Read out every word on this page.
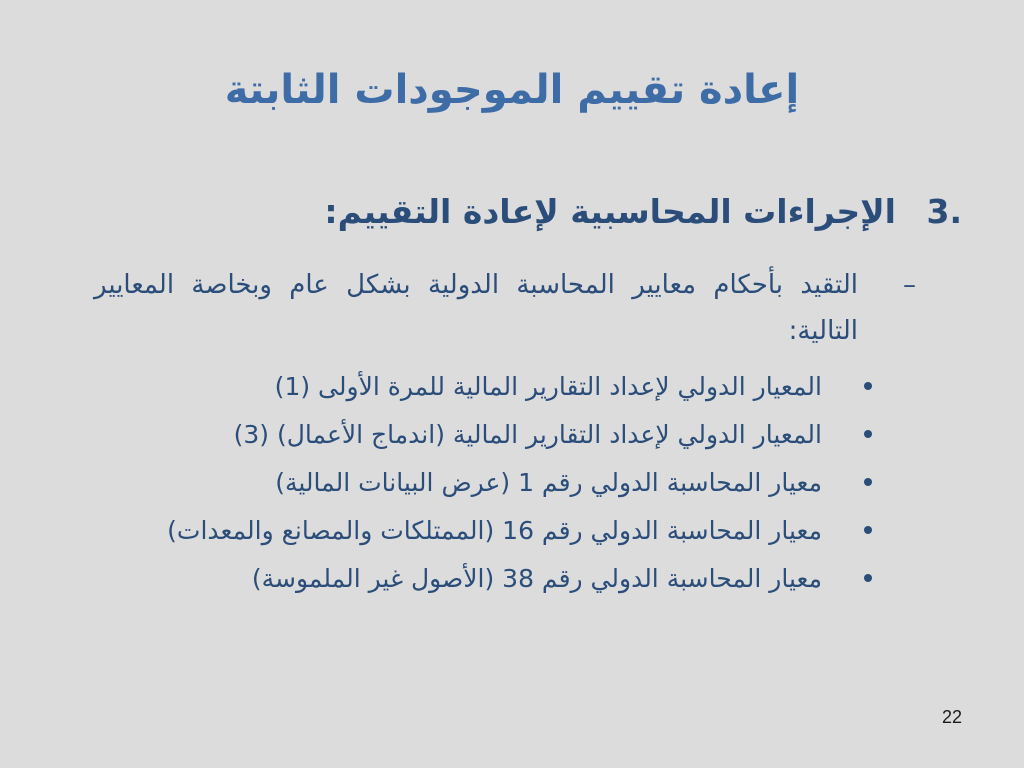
إعادة تقييم الموجودات الثابتة
3.
الإجراءات المحاسبية لإعادة التقييم:
–
التقيد بأحكام معايير المحاسبة الدولية بشكل عام وبخاصة المعايير التالية:
المعيار الدولي لإعداد التقارير المالية للمرة الأولى (1)
المعيار الدولي لإعداد التقارير المالية (اندماج الأعمال) (3)
معيار المحاسبة الدولي رقم 1 (عرض البيانات المالية)
معيار المحاسبة الدولي رقم 16 (الممتلكات والمصانع والمعدات)
معيار المحاسبة الدولي رقم 38 (الأصول غير الملموسة)
22
